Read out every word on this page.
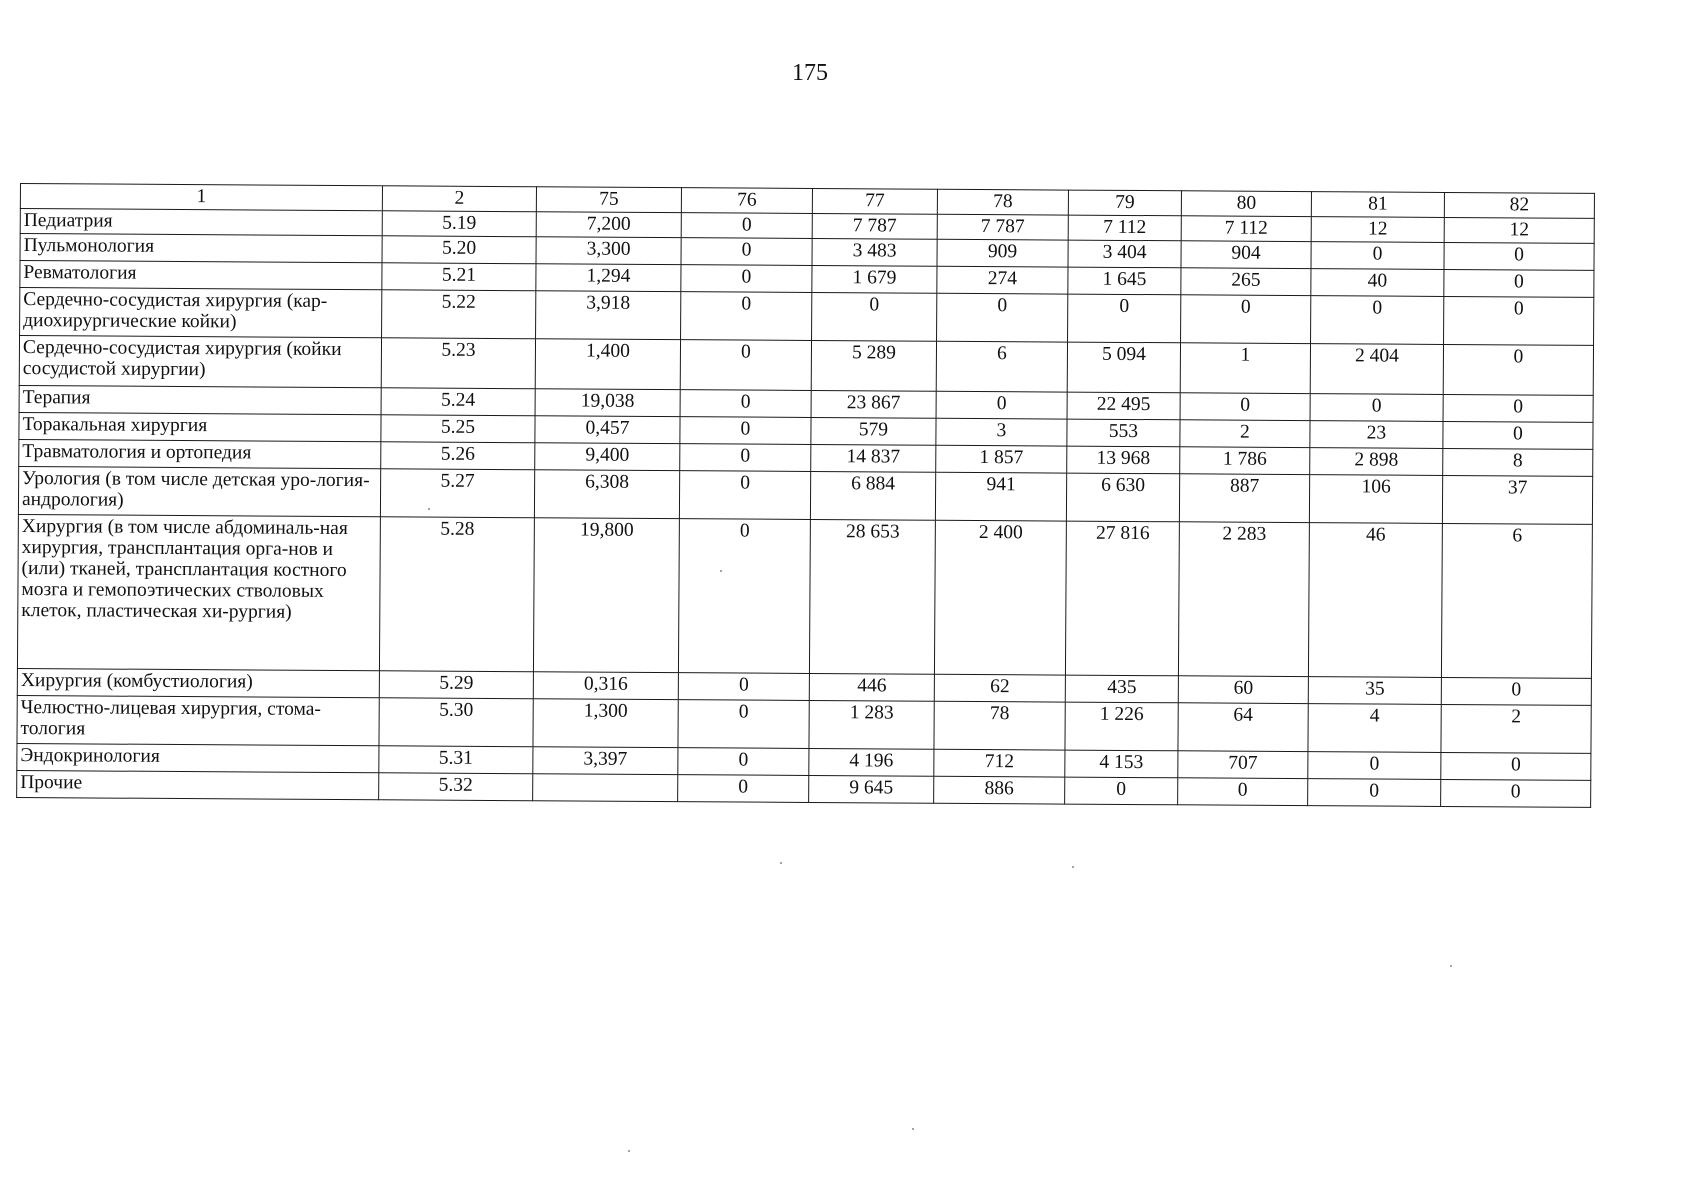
175
1	2	75	76	77	78	79	80	81	82
Педиатрия	5.19	7,200	0	7 787	7 787	7 112	7 112	12	12
Пульмонология	5.20	3,300	0	3 483	909	3 404	904	0	0
Ревматология	5.21	1,294	0	1 679	274	1 645	265	40	0
Сердечно-сосудистая хирургия (кар-диохирургические койки)	5.22	3,918	0	0	0	0	0	0	0
Сердечно-сосудистая хирургия (койки сосудистой хирургии)	5.23	1,400	0	5 289	6	5 094	1	2 404	0
Терапия	5.24	19,038	0	23 867	0	22 495	0	0	0
Торакальная хирургия	5.25	0,457	0	579	3	553	2	23	0
Травматология и ортопедия	5.26	9,400	0	14 837	1 857	13 968	1 786	2 898	8
Урология (в том числе детская уро-логия-андрология)	5.27	6,308	0	6 884	941	6 630	887	106	37
Хирургия (в том числе абдоминаль-ная хирургия, трансплантация орга-нов и (или) тканей, трансплантация костного мозга и гемопоэтических стволовых клеток, пластическая хи-рургия)	5.28	19,800	0	28 653	2 400	27 816	2 283	46	6
Хирургия (комбустиология)	5.29	0,316	0	446	62	435	60	35	0
Челюстно-лицевая хирургия, стома-тология	5.30	1,300	0	1 283	78	1 226	64	4	2
Эндокринология	5.31	3,397	0	4 196	712	4 153	707	0	0
Прочие	5.32		0	9 645	886	0	0	0	0
